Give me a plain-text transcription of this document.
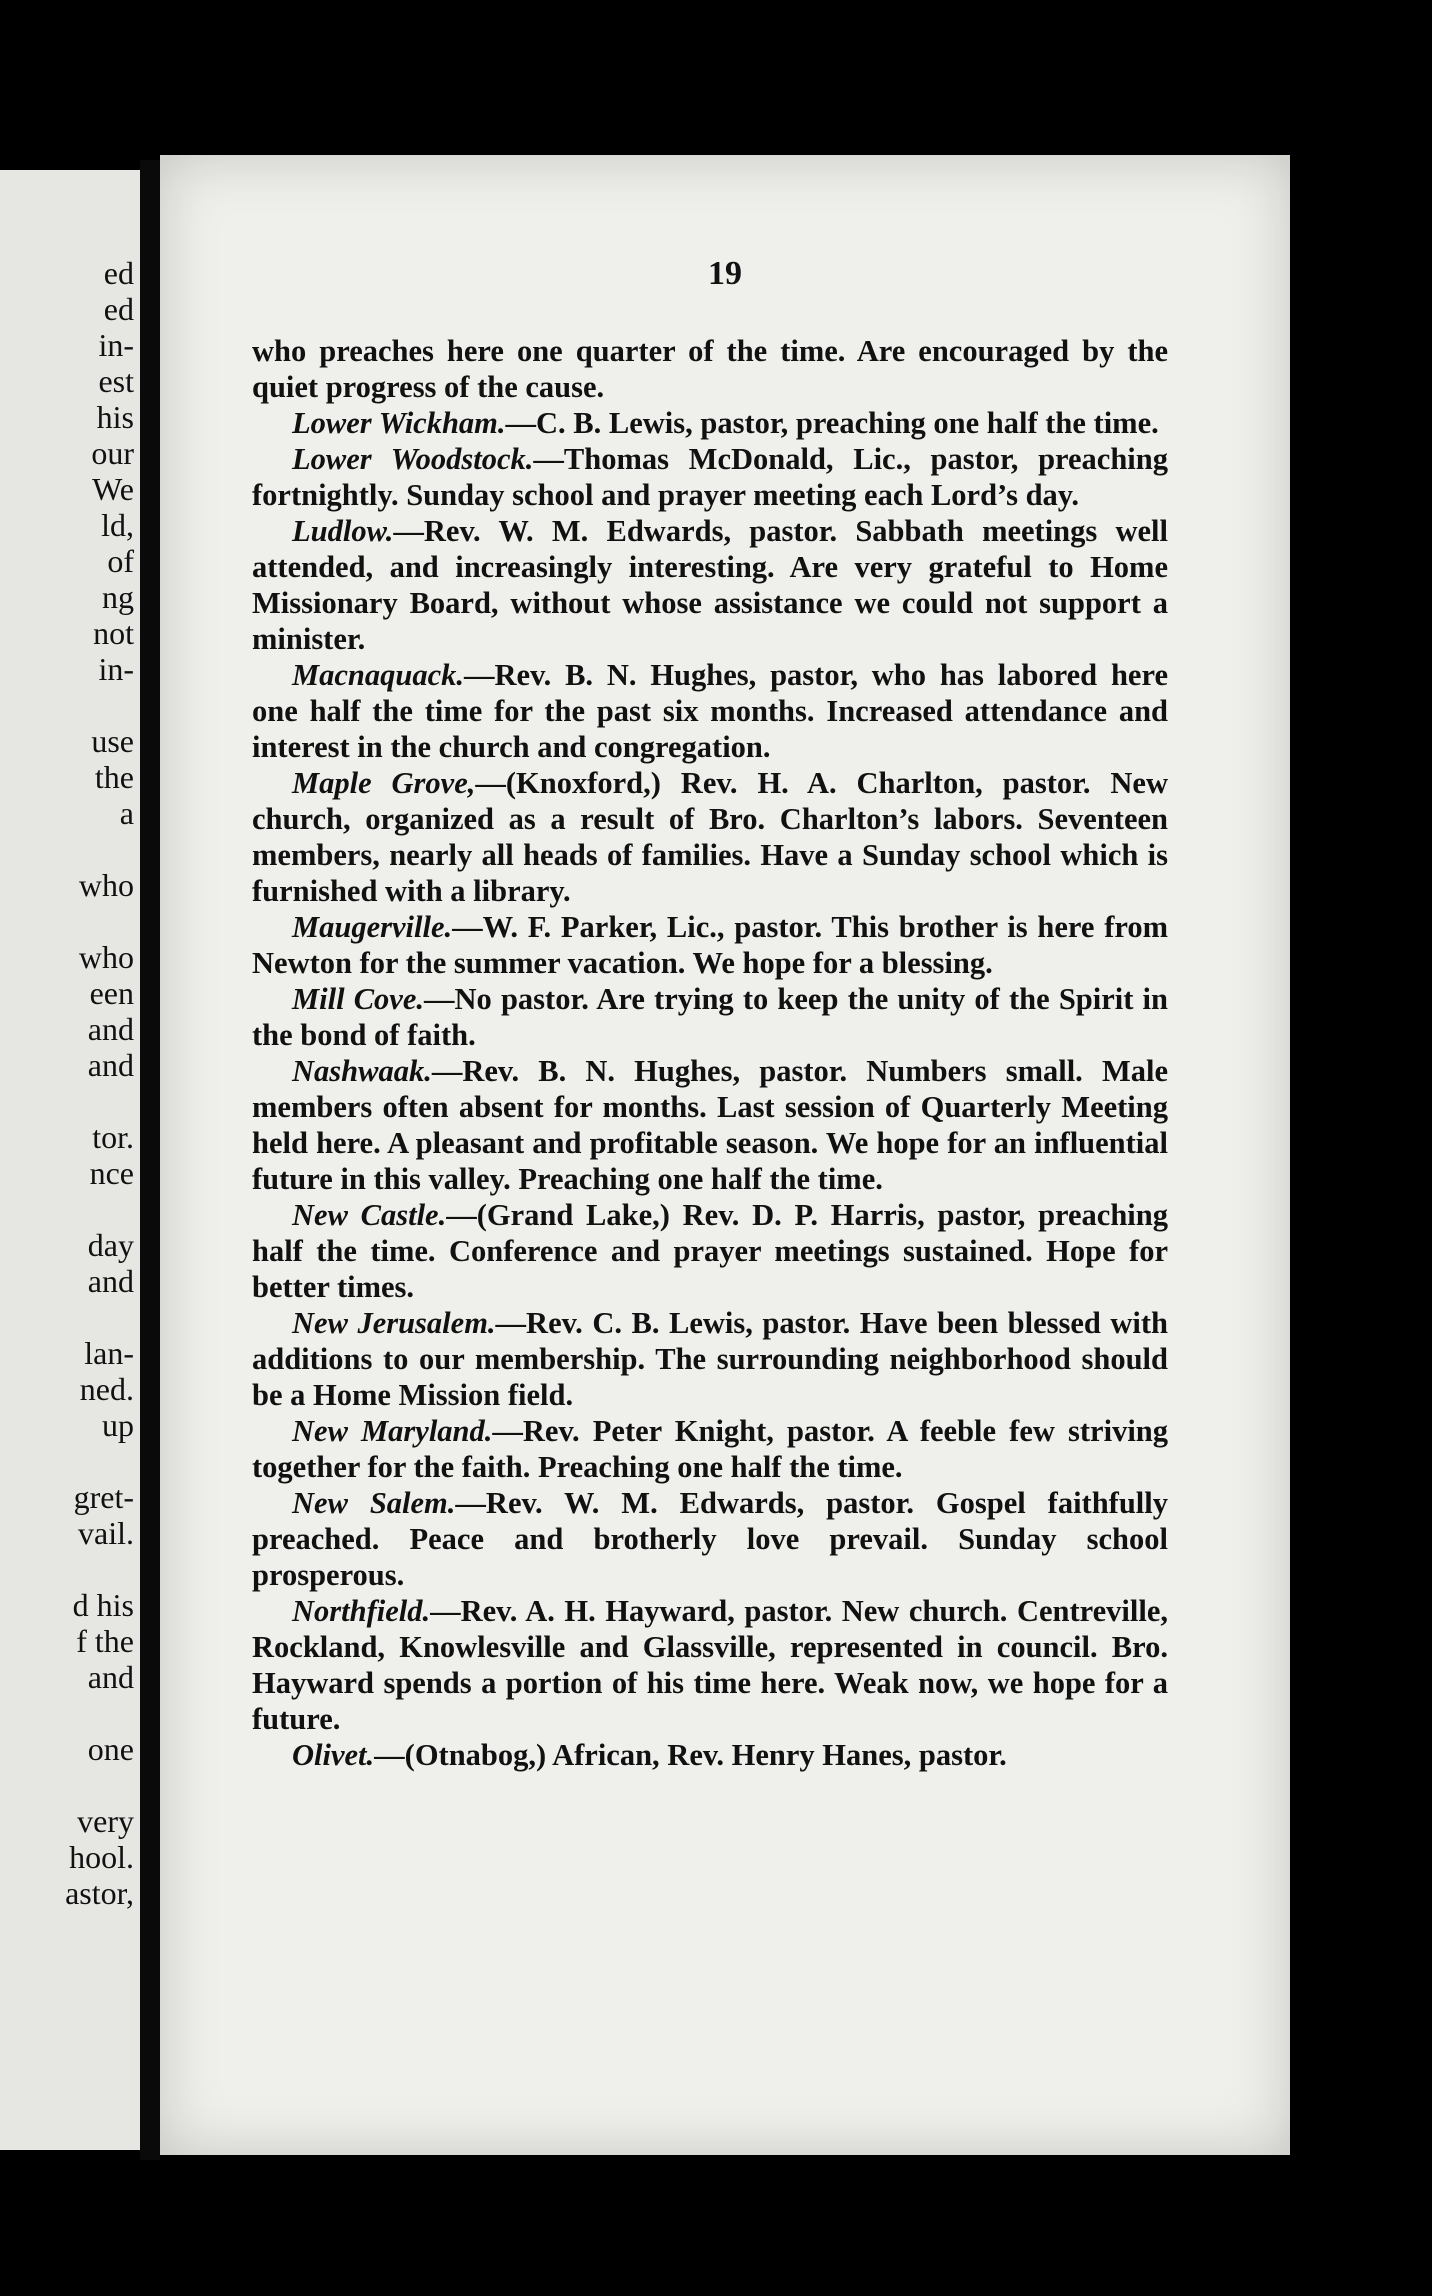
ed
ed
in-
est
his
our
We
ld,
of
ng
not
in-
use
the
a
who
who
een
and
and
tor.
nce
day
and
lan-
ned.
up
gret-
vail.
d his
f the
and
one
very
hool.
astor,
19

who preaches here one quarter of the time. Are encouraged by the quiet progress of the cause.

Lower Wickham.—C. B. Lewis, pastor, preaching one half the time.

Lower Woodstock.—Thomas McDonald, Lic., pastor, preaching fortnightly. Sunday school and prayer meeting each Lord’s day.

Ludlow.—Rev. W. M. Edwards, pastor. Sabbath meetings well attended, and increasingly interesting. Are very grateful to Home Missionary Board, without whose assistance we could not support a minister.

Macnaquack.—Rev. B. N. Hughes, pastor, who has labored here one half the time for the past six months. Increased attendance and interest in the church and congregation.

Maple Grove,—(Knoxford,) Rev. H. A. Charlton, pastor. New church, organized as a result of Bro. Charlton’s labors. Seventeen members, nearly all heads of families. Have a Sunday school which is furnished with a library.

Maugerville.—W. F. Parker, Lic., pastor. This brother is here from Newton for the summer vacation. We hope for a blessing.

Mill Cove.—No pastor. Are trying to keep the unity of the Spirit in the bond of faith.

Nashwaak.—Rev. B. N. Hughes, pastor. Numbers small. Male members often absent for months. Last session of Quarterly Meeting held here. A pleasant and profitable season. We hope for an influential future in this valley. Preaching one half the time.

New Castle.—(Grand Lake,) Rev. D. P. Harris, pastor, preaching half the time. Conference and prayer meetings sustained. Hope for better times.

New Jerusalem.—Rev. C. B. Lewis, pastor. Have been blessed with additions to our membership. The surrounding neighborhood should be a Home Mission field.

New Maryland.—Rev. Peter Knight, pastor. A feeble few striving together for the faith. Preaching one half the time.

New Salem.—Rev. W. M. Edwards, pastor. Gospel faithfully preached. Peace and brotherly love prevail. Sunday school prosperous.

Northfield.—Rev. A. H. Hayward, pastor. New church. Centreville, Rockland, Knowlesville and Glassville, represented in council. Bro. Hayward spends a portion of his time here. Weak now, we hope for a future.

Olivet.—(Otnabog,) African, Rev. Henry Hanes, pastor.
